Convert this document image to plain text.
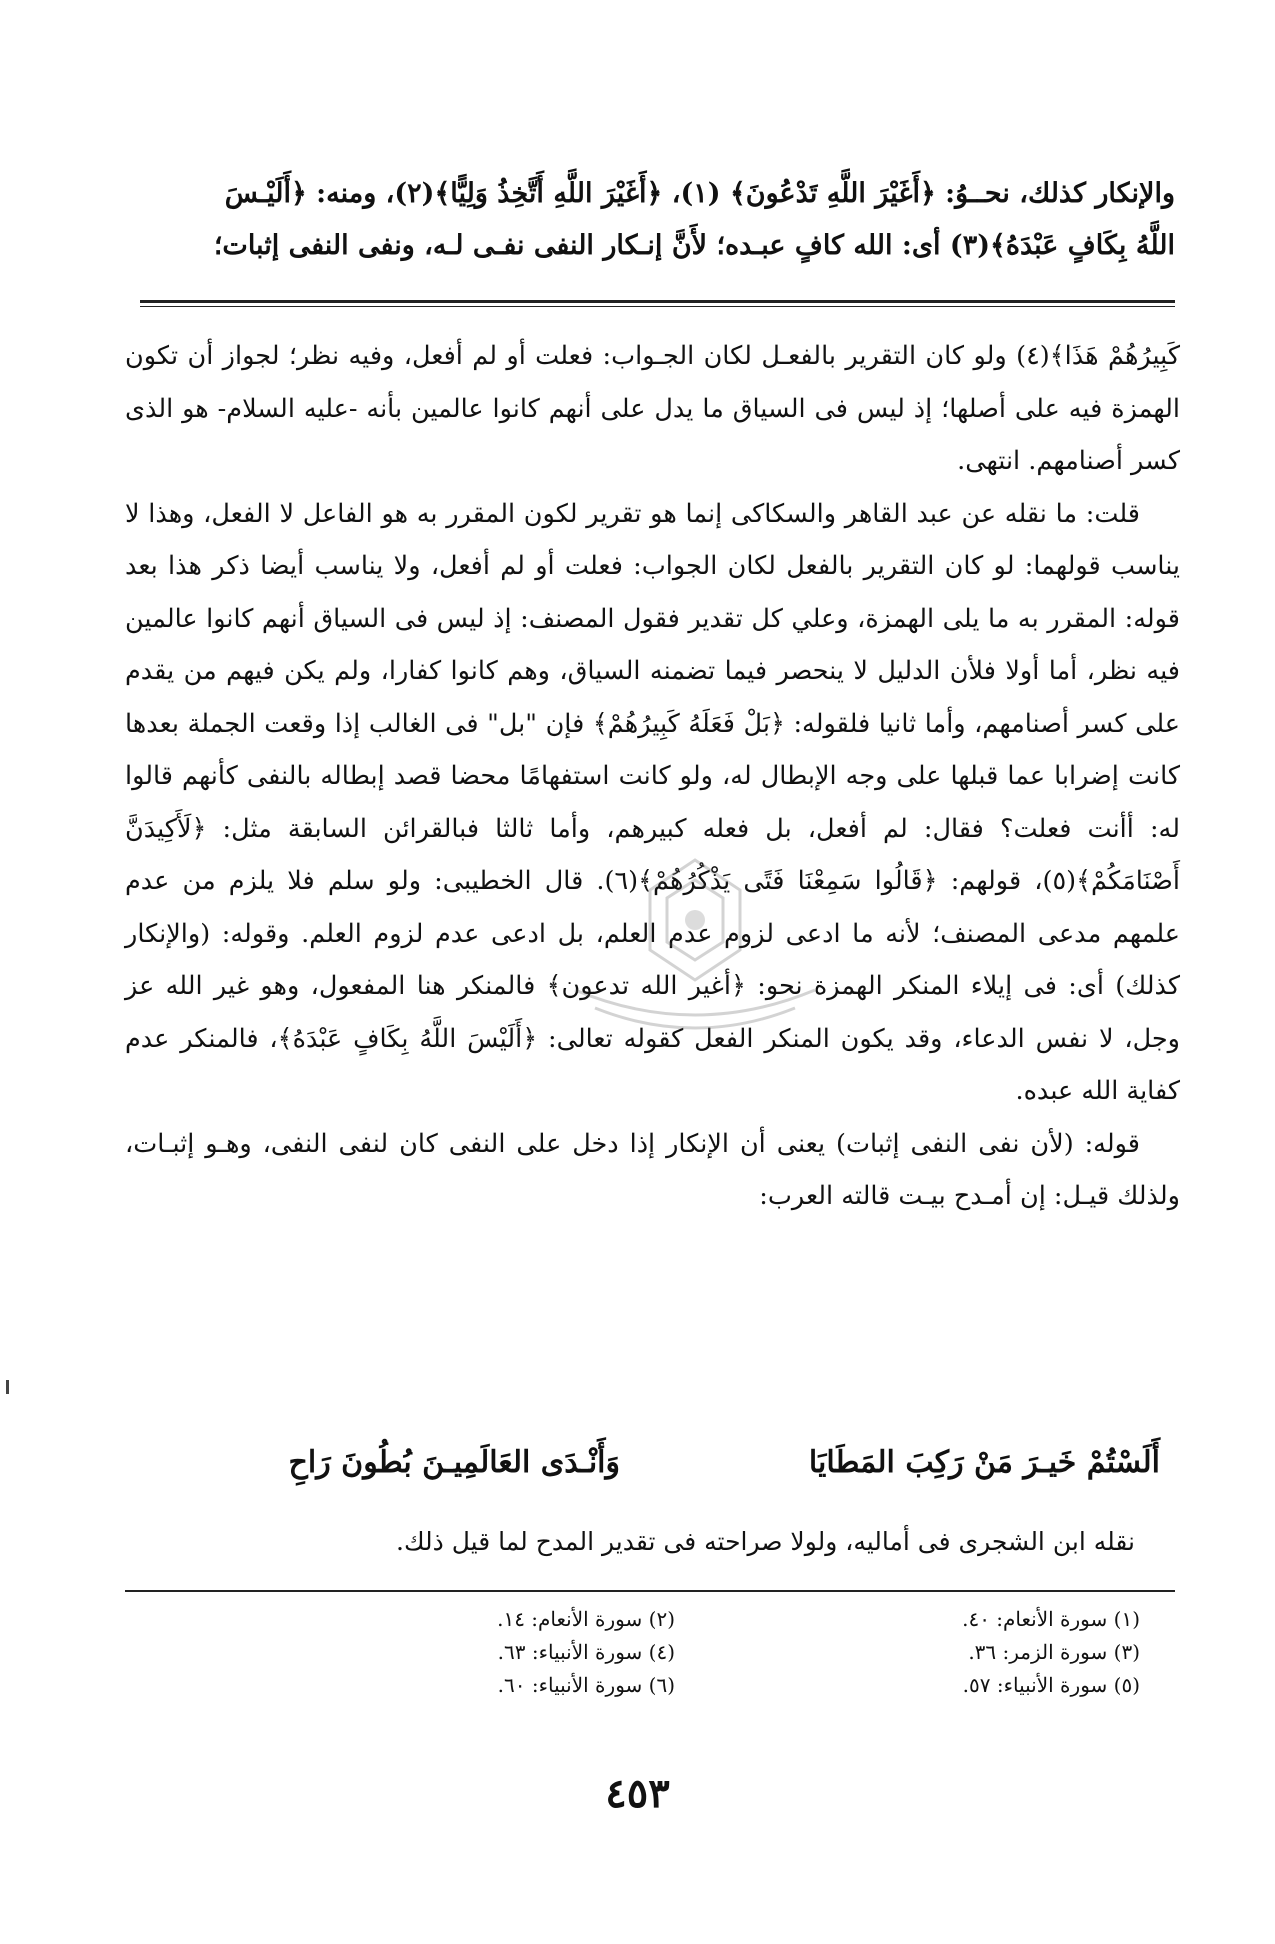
والإنكار كذلك، نحــوُ: ﴿أَغَيْرَ اللَّهِ تَدْعُونَ﴾ (١)، ﴿أَغَيْرَ اللَّهِ أَتَّخِذُ وَلِيًّا﴾(٢)، ومنه: ﴿أَلَيْـسَ

اللَّهُ بِكَافٍ عَبْدَهُ﴾(٣) أى: الله كافٍ عبـده؛ لأَنَّ إنـكار النفى نفـى لـه، ونفى النفى إثبات؛

كَبِيرُهُمْ هَذَا﴾(٤) ولو كان التقرير بالفعـل لكان الجـواب: فعلت أو لم أفعل، وفيه نظر؛ لجواز أن تكون الهمزة فيه على أصلها؛ إذ ليس فى السياق ما يدل على أنهم كانوا عالمين بأنه -عليه السلام- هو الذى كسر أصنامهم. انتهى.

قلت: ما نقله عن عبد القاهر والسكاكى إنما هو تقرير لكون المقرر به هو الفاعل لا الفعل، وهذا لا يناسب قولهما: لو كان التقرير بالفعل لكان الجواب: فعلت أو لم أفعل، ولا يناسب أيضا ذكر هذا بعد قوله: المقرر به ما يلى الهمزة، وعلي كل تقدير فقول المصنف: إذ ليس فى السياق أنهم كانوا عالمين فيه نظر، أما أولا فلأن الدليل لا ينحصر فيما تضمنه السياق، وهم كانوا كفارا، ولم يكن فيهم من يقدم على كسر أصنامهم، وأما ثانيا فلقوله: ﴿بَلْ فَعَلَهُ كَبِيرُهُمْ﴾ فإن "بل" فى الغالب إذا وقعت الجملة بعدها كانت إضرابا عما قبلها على وجه الإبطال له، ولو كانت استفهامًا محضا قصد إبطاله بالنفى كأنهم قالوا له: أأنت فعلت؟ فقال: لم أفعل، بل فعله كبيرهم، وأما ثالثا فبالقرائن السابقة مثل: ﴿لَأَكِيدَنَّ أَصْنَامَكُمْ﴾(٥)، قولهم: ﴿قَالُوا سَمِعْنَا فَتًى يَذْكُرُهُمْ﴾(٦). قال الخطيبى: ولو سلم فلا يلزم من عدم علمهم مدعى المصنف؛ لأنه ما ادعى لزوم عدم العلم، بل ادعى عدم لزوم العلم. وقوله: (والإنكار كذلك) أى: فى إيلاء المنكر الهمزة نحو: ﴿أغير الله تدعون﴾ فالمنكر هنا المفعول، وهو غير الله عز وجل، لا نفس الدعاء، وقد يكون المنكر الفعل كقوله تعالى: ﴿أَلَيْسَ اللَّهُ بِكَافٍ عَبْدَهُ﴾، فالمنكر عدم كفاية الله عبده.

قوله: (لأن نفى النفى إثبات) يعنى أن الإنكار إذا دخل على النفى كان لنفى النفى، وهـو إثبـات، ولذلك قيـل: إن أمـدح بيـت قالته العرب:

أَلَسْتُمْ خَيـرَ مَنْ رَكِبَ المَطَايَا
وَأَنْـدَى العَالَمِيـنَ بُطُونَ رَاحِ
نقله ابن الشجرى فى أماليه، ولولا صراحته فى تقدير المدح لما قيل ذلك.
(١) سورة الأنعام: ٤٠.
(٣) سورة الزمر: ٣٦.
(٥) سورة الأنبياء: ٥٧.
(٢) سورة الأنعام: ١٤.
(٤) سورة الأنبياء: ٦٣.
(٦) سورة الأنبياء: ٦٠.
٤٥٣
